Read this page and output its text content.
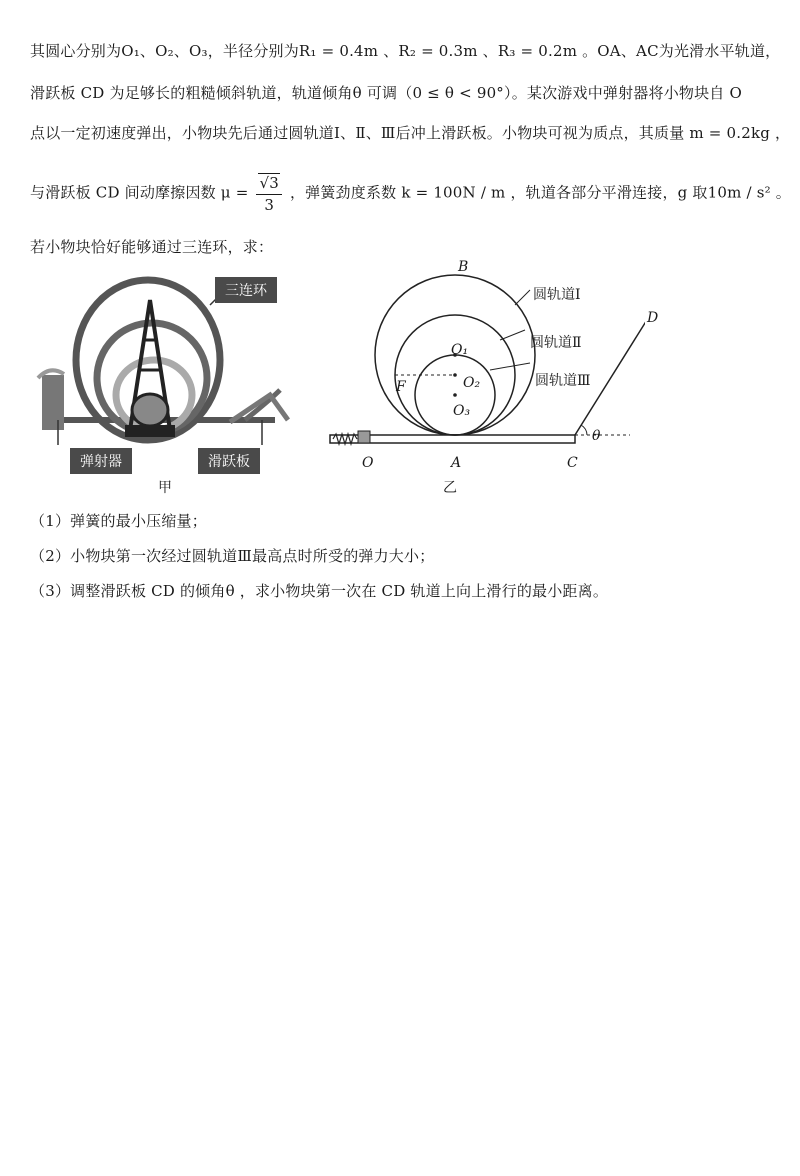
其圆心分别为O₁、O₂、O₃，半径分别为R₁ = 0.4m 、R₂ = 0.3m 、R₃ = 0.2m 。OA、AC为光滑水平轨道，
滑跃板 CD 为足够长的粗糙倾斜轨道，轨道倾角θ 可调（0 ≤ θ < 90°）。某次游戏中弹射器将小物块自 O
点以一定初速度弹出，小物块先后通过圆轨道Ⅰ、Ⅱ、Ⅲ后冲上滑跃板。小物块可视为质点，其质量 m = 0.2kg ，
与滑跃板 CD 间动摩擦因数 $\mu = \frac{√3}{3}$ ，弹簧劲度系数 k = 100N / m ，轨道各部分平滑连接，g 取10m / s² 。
若小物块恰好能够通过三连环，求：
三连环
弹射器	滑跃板
甲
B
D
圆轨道Ⅰ
圆轨道Ⅱ
圆轨道Ⅲ
O₁
O₂
O₃
F
O	A	C
θ
乙
（1）弹簧的最小压缩量；
（2）小物块第一次经过圆轨道Ⅲ最高点时所受的弹力大小；
（3）调整滑跃板 CD 的倾角θ ，求小物块第一次在 CD 轨道上向上滑行的最小距离。
